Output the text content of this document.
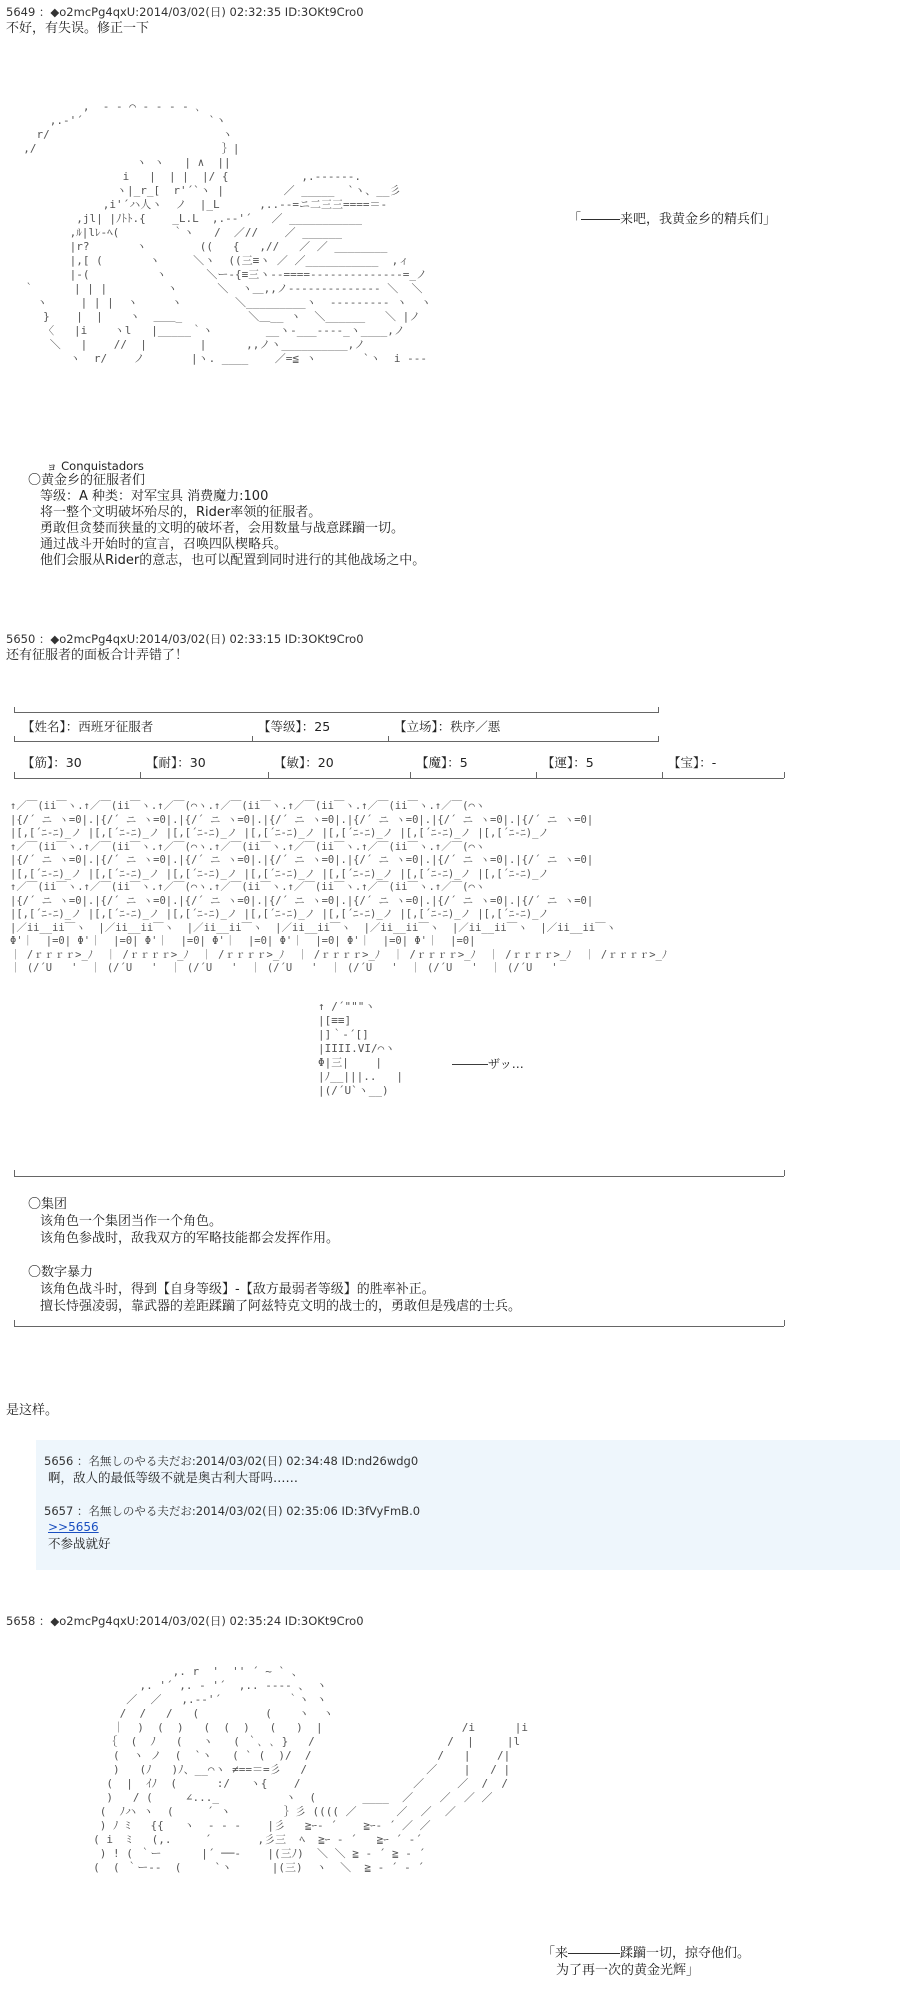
5649 ：◆o2mcPg4qxU:2014/03/02(日) 02:32:35 ID:3OKt9Cro0
不好，有失误。修正一下
,  - ‐ ⌒ ‐ ‐ ‐ - ､
,.‐'´                   `ヽ
r/                          ヽ
,/                            ｝|
ヽ ヽ   | ∧  ||
i   |  | |  |/ {           ,.------.
ヽ|_r_[  r'´`ヽ |         ／ _____  `ヽ、__彡
,i'´ハ人ヽ  ノ  |_L      ,..-‐=ニ二三三====＝-
,jl| |ﾉﾄﾄ.{    _L.L  ,.-‐'´   ／ ___________
,ﾙ|lﾚ‐ﾍ(        ｀ヽ   /  ／//    ／ ______
|r?       ヽ        ((   {   ,//   ／ ／ ________
|,[ (       ヽ     ＼ヽ  ((三≡ヽ ／ ／___________  ,ィ
|-(          ヽ      ＼ー-{≡三ヽ--====--------------=_ノ
｀      | | |         ヽ      ＼  ヽ＿,,ノ-------------- ＼  ＼
ヽ     | | |  ヽ     ヽ        ＼_________ヽ  --------- ヽ  ヽ
}    |  |    ヽ  ＿＿_          ＼＿__ ヽ  ＼______   ＼ |ノ
〈   |i    ヽl   |_____｀ヽ        __ヽ-___----_ヽ____,ノ
＼   |    //  |        |      ,,ノヽ__________,ノ
ヽ  r/    ノ       |ヽ. ____    ／=≦ ヽ       `ヽ  i ‐‐‐
「―――来吧，我黄金乡的精兵们」
ョ Conquistadors
〇黄金乡的征服者们
等级：A 种类：对军宝具 消费魔力:100
将一整个文明破坏殆尽的，Rider率领的征服者。
勇敢但贪婪而狭量的文明的破坏者，会用数量与战意蹂躏一切。
通过战斗开始时的宣言，召唤四队楔略兵。
他们会服从Rider的意志，也可以配置到同时进行的其他战场之中。
5650 ：◆o2mcPg4qxU:2014/03/02(日) 02:33:15 ID:3OKt9Cro0
还有征服者的面板合计弄错了！
【姓名】：西班牙征服者	【等级】：25	【立场】：秩序／悪
【筋】：30	【耐】：30	【敏】：20	【魔】：5	【運】：5	【宝】：-
↑／￣(ii￣ヽ.↑／￣(ii￣ヽ.↑／￣(⌒ヽ.↑／￣(ii￣ヽ.↑／￣(ii￣ヽ.↑／￣(ii￣ヽ.↑／￣(⌒ヽ
|{/´ ニ ヽ=0|.|{/´ ニ ヽ=0|.|{/´ ニ ヽ=0|.|{/´ ニ ヽ=0|.|{/´ ニ ヽ=0|.|{/´ ニ ヽ=0|.|{/´ ニ ヽ=0|
|[,[´ﾆ-ﾆ)_ノ |[,[´ﾆ-ﾆ)_ノ |[,[´ﾆ-ﾆ)_ノ |[,[´ﾆ-ﾆ)_ノ |[,[´ﾆ-ﾆ)_ノ |[,[´ﾆ-ﾆ)_ノ |[,[´ﾆ-ﾆ)_ノ
↑／￣(ii￣ヽ.↑／￣(ii￣ヽ.↑／￣(⌒ヽ.↑／￣(ii￣ヽ.↑／￣(ii￣ヽ.↑／￣(ii￣ヽ.↑／￣(⌒ヽ
|{/´ ニ ヽ=0|.|{/´ ニ ヽ=0|.|{/´ ニ ヽ=0|.|{/´ ニ ヽ=0|.|{/´ ニ ヽ=0|.|{/´ ニ ヽ=0|.|{/´ ニ ヽ=0|
|[,[´ﾆ-ﾆ)_ノ |[,[´ﾆ-ﾆ)_ノ |[,[´ﾆ-ﾆ)_ノ |[,[´ﾆ-ﾆ)_ノ |[,[´ﾆ-ﾆ)_ノ |[,[´ﾆ-ﾆ)_ノ |[,[´ﾆ-ﾆ)_ノ
↑／￣(ii￣ヽ.↑／￣(ii￣ヽ.↑／￣(⌒ヽ.↑／￣(ii￣ヽ.↑／￣(ii￣ヽ.↑／￣(ii￣ヽ.↑／￣(⌒ヽ
|{/´ ニ ヽ=0|.|{/´ ニ ヽ=0|.|{/´ ニ ヽ=0|.|{/´ ニ ヽ=0|.|{/´ ニ ヽ=0|.|{/´ ニ ヽ=0|.|{/´ ニ ヽ=0|
|[,[´ﾆ-ﾆ)_ノ |[,[´ﾆ-ﾆ)_ノ |[,[´ﾆ-ﾆ)_ノ |[,[´ﾆ-ﾆ)_ノ |[,[´ﾆ-ﾆ)_ノ |[,[´ﾆ-ﾆ)_ノ |[,[´ﾆ-ﾆ)_ノ
|／ii__ii￣ヽ  |／ii__ii￣ヽ  |／ii__ii￣ヽ  |／ii__ii￣ヽ  |／ii__ii￣ヽ  |／ii__ii￣ヽ  |／ii__ii￣ヽ
Φ'｜  |=0| Φ'｜  |=0| Φ'｜  |=0| Φ'｜  |=0| Φ'｜  |=0| Φ'｜  |=0| Φ'｜  |=0|
｜ /ｒｒｒｒ>_ﾉ  ｜ /ｒｒｒｒ>_ﾉ  ｜ /ｒｒｒｒ>_ﾉ  ｜ /ｒｒｒｒ>_ﾉ  ｜ /ｒｒｒｒ>_ﾉ  ｜ /ｒｒｒｒ>_ﾉ  ｜ /ｒｒｒｒ>_ﾉ
｜ (/´U   '  ｜ (/´U   '  ｜ (/´U   '  ｜ (/´U   '  ｜ (/´U   '  ｜ (/´U   '  ｜ (/´U   '
↑ /´"""ヽ
|[≡≡]
|]｀-´[]
|IIII.VI/⌒ヽ
Φ|三|    |
|ﾉ__|||..   |
|(/´U`ヽ__)
―――ザッ…
〇集团
该角色一个集团当作一个角色。
该角色参战时，敌我双方的军略技能都会发挥作用。
〇数字暴力
该角色战斗时，得到【自身等级】-【敌方最弱者等级】的胜率补正。
擅长恃强凌弱，靠武器的差距蹂躏了阿兹特克文明的战士的，勇敢但是残虐的士兵。
是这样。
5656 ：名無しのやる夫だお:2014/03/02(日) 02:34:48 ID:nd26wdg0
啊，敌人的最低等级不就是奥古利大哥吗……
5657 ：名無しのやる夫だお:2014/03/02(日) 02:35:06 ID:3fVyFmB.0
>>5656
不参战就好
5658 ：◆o2mcPg4qxU:2014/03/02(日) 02:35:24 ID:3OKt9Cro0
,. r  '  '' ´ ~ ` 、
,. '´ ,. ‐ '´  ,.. ‐‐‐‐ 、 ヽ
／  ／   ,.-‐'´          ｀ヽ ヽ
/  /   /   (          (    ヽ  ヽ
｜  )  (  )   (  (  )   (   )  |                     /i      |i
｛  (  ﾉ   (   ヽ   ( ｀､ ､ }   /                    /  |     |l
(  ヽ ノ  (  `ヽ   ( ` (  )/  /                   /   |    /|
)   (ﾉ   )ﾉ、__⌒ヽ ≠==＝=彡   /                  ／    |   / |
(  |  ｲﾉ  (      :/   ヽ{    /                 ／     ／  /  /
)   / (     ∠..._          ヽ  (       ____  ／    ／  ／ ／
(  ﾉハ ヽ  (     ´ ヽ        ｝彡 (((( ／      ／  ／  ／
) ﾉ ﾐ   {{   ヽ  ‐ - ‐    |彡   ≧ｰ‐ ´    ≧ｰ‐ ´ ／ ／
( i  ﾐ   (,.     ´       ,彡三  ﾍ  ≧ｰ ‐ ´   ≧ｰ ´ ‐´
) ! ( ｀ー      |´ ──‐    |(三ﾉ)  ＼ ＼ ≧ ‐ ´ ≧ ‐ ´
(  ( ｀ー-‐  (     `ヽ      |(三)  ヽ  ＼  ≧ ‐ ´ ‐ ´
「来――――蹂躏一切，掠夺他们。
为了再一次的黄金光辉」
